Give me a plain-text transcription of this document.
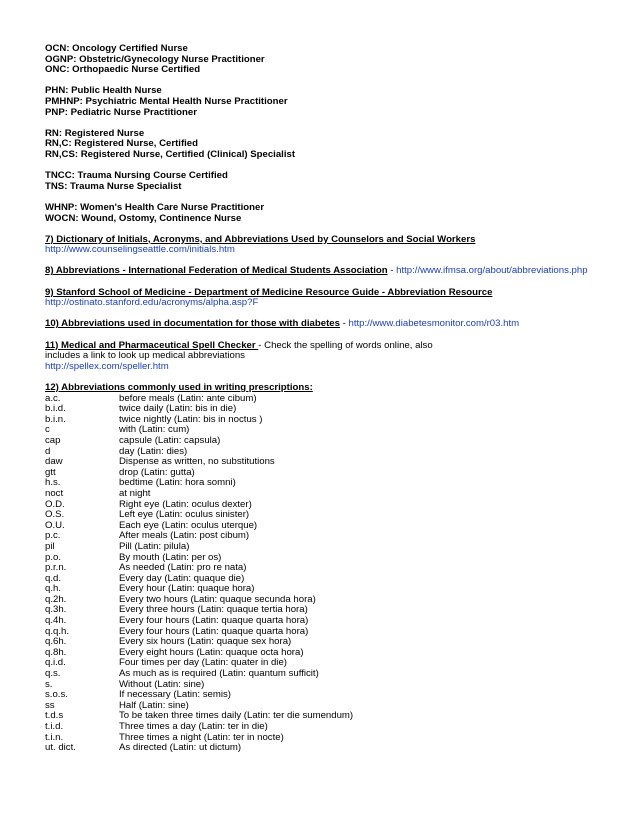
OCN: Oncology Certified Nurse
OGNP: Obstetric/Gynecology Nurse Practitioner
ONC: Orthopaedic Nurse Certified
PHN: Public Health Nurse
PMHNP: Psychiatric Mental Health Nurse Practitioner
PNP: Pediatric Nurse Practitioner
RN: Registered Nurse
RN,C: Registered Nurse, Certified
RN,CS: Registered Nurse, Certified (Clinical) Specialist
TNCC: Trauma Nursing Course Certified
TNS: Trauma Nurse Specialist
WHNP: Women's Health Care Nurse Practitioner
WOCN: Wound, Ostomy, Continence Nurse
7) Dictionary of Initials, Acronyms, and Abbreviations Used by Counselors and Social Workers
http://www.counselingseattle.com/initials.htm
8) Abbreviations - International Federation of Medical Students Association - http://www.ifmsa.org/about/abbreviations.php
9) Stanford School of Medicine - Department of Medicine Resource Guide - Abbreviation Resource
http://ostinato.stanford.edu/acronyms/alpha.asp?F
10) Abbreviations used in documentation for those with diabetes - http://www.diabetesmonitor.com/r03.htm
11) Medical and Pharmaceutical Spell Checker - Check the spelling of words online, also
includes a link to look up medical abbreviations
http://spellex.com/speller.htm
12) Abbreviations commonly used in writing prescriptions:
a.c.	before meals (Latin: ante cibum)
b.i.d.	twice daily (Latin: bis in die)
b.i.n.	twice nightly (Latin: bis in noctus )
c	with (Latin: cum)
cap	capsule (Latin: capsula)
d	day (Latin: dies)
daw	Dispense as written, no substitutions
gtt	drop (Latin: gutta)
h.s.	bedtime (Latin: hora somni)
noct	at night
O.D.	Right eye (Latin: oculus dexter)
O.S.	Left eye (Latin: oculus sinister)
O.U.	Each eye (Latin: oculus uterque)
p.c.	After meals (Latin: post cibum)
pil	Pill (Latin: pilula)
p.o.	By mouth (Latin: per os)
p.r.n.	As needed (Latin: pro re nata)
q.d.	Every day (Latin: quaque die)
q.h.	Every hour (Latin: quaque hora)
q.2h.	Every two hours (Latin: quaque secunda hora)
q.3h.	Every three hours (Latin: quaque tertia hora)
q.4h.	Every four hours (Latin: quaque quarta hora)
q.q.h.	Every four hours (Latin: quaque quarta hora)
q.6h.	Every six hours (Latin: quaque sex hora)
q.8h.	Every eight hours (Latin: quaque octa hora)
q.i.d.	Four times per day (Latin: quater in die)
q.s.	As much as is required (Latin: quantum sufficit)
s.	Without (Latin: sine)
s.o.s.	If necessary (Latin: semis)
ss	Half (Latin: sine)
t.d.s	To be taken three times daily (Latin: ter die sumendum)
t.i.d.	Three times a day (Latin: ter in die)
t.i.n.	Three times a night (Latin: ter in nocte)
ut. dict.	As directed (Latin: ut dictum)
